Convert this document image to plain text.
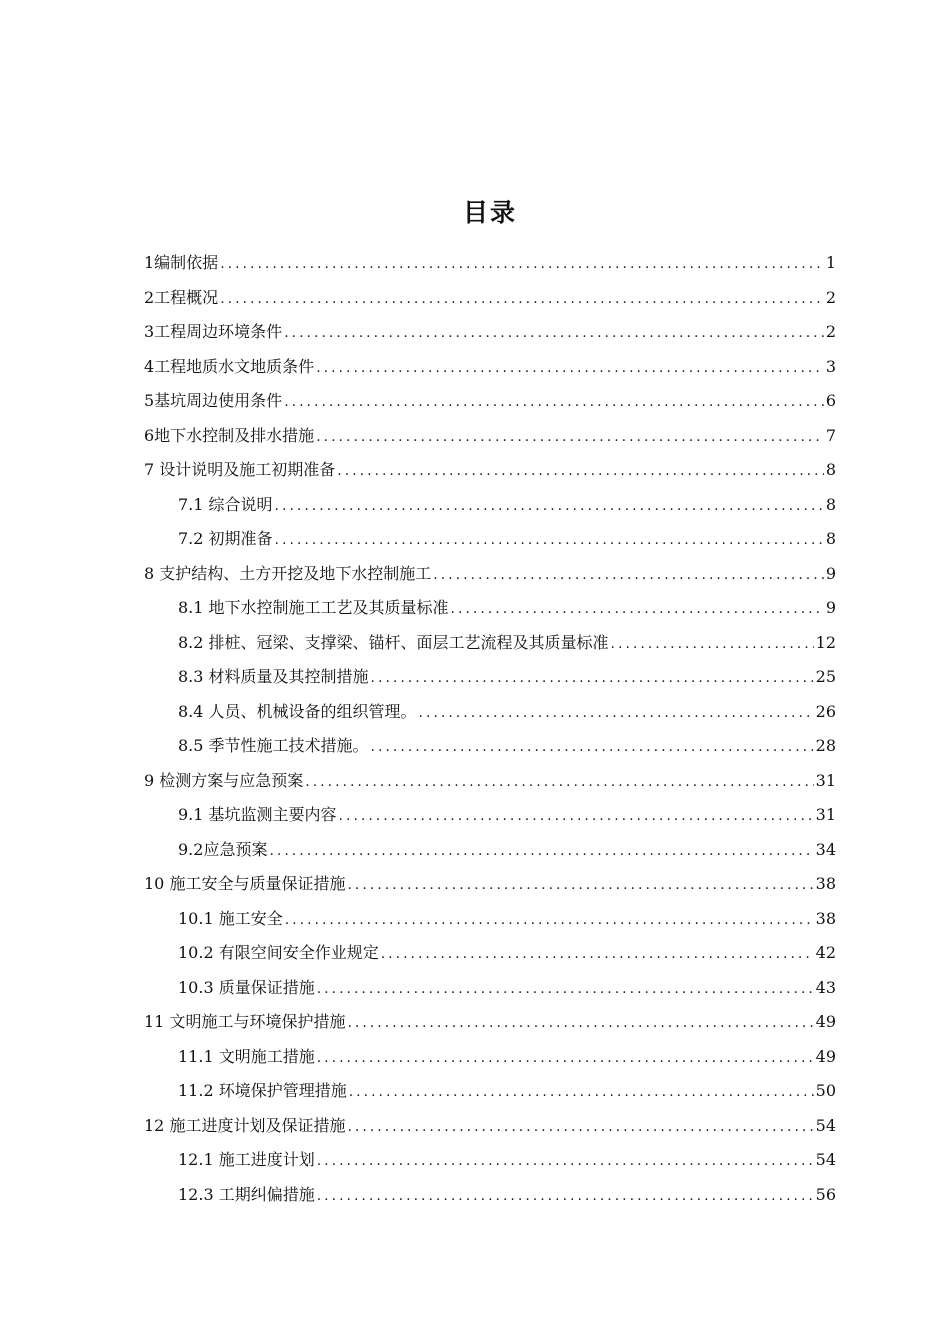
目录
1编制依据 .....	1
2工程概况 .....	2
3工程周边环境条件 .....	2
4工程地质水文地质条件 .....	3
5基坑周边使用条件 .....	6
6地下水控制及排水措施 .....	7
7 设计说明及施工初期准备 .....	8
7.1 综合说明 .....	8
7.2 初期准备 .....	8
8 支护结构、土方开挖及地下水控制施工 .....	9
8.1 地下水控制施工工艺及其质量标准 .....	9
8.2 排桩、冠梁、支撑梁、锚杆、面层工艺流程及其质量标准 .....	12
8.3 材料质量及其控制措施 .....	25
8.4 人员、机械设备的组织管理。 .....	26
8.5 季节性施工技术措施。 .....	28
9 检测方案与应急预案 .....	31
9.1 基坑监测主要内容 .....	31
9.2应急预案 .....	34
10 施工安全与质量保证措施 .....	38
10.1 施工安全 .....	38
10.2 有限空间安全作业规定 .....	42
10.3 质量保证措施 .....	43
11 文明施工与环境保护措施 .....	49
11.1 文明施工措施 .....	49
11.2 环境保护管理措施 .....	50
12 施工进度计划及保证措施 .....	54
12.1 施工进度计划 .....	54
12.3 工期纠偏措施 .....	56
